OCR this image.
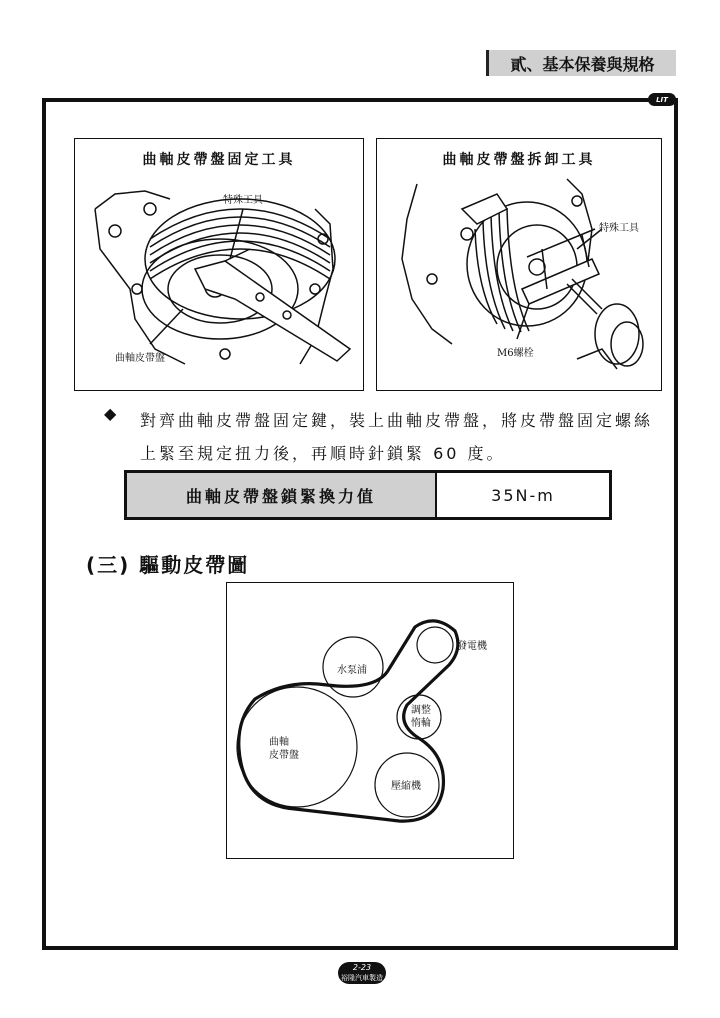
貳、基本保養與規格
LIT
曲軸皮帶盤固定工具
特殊工具
曲軸皮帶盤
曲軸皮帶盤拆卸工具
特殊工具
M6螺栓
◆ 對齊曲軸皮帶盤固定鍵，裝上曲軸皮帶盤，將皮帶盤固定螺絲上緊至規定扭力後，再順時針鎖緊 60 度。

曲軸皮帶盤鎖緊換力值	35N-m
(三) 驅動皮帶圖
發電機
水泵浦
調整
惰輪
曲軸
皮帶盤
壓縮機
2-23
裕隆汽車製造
